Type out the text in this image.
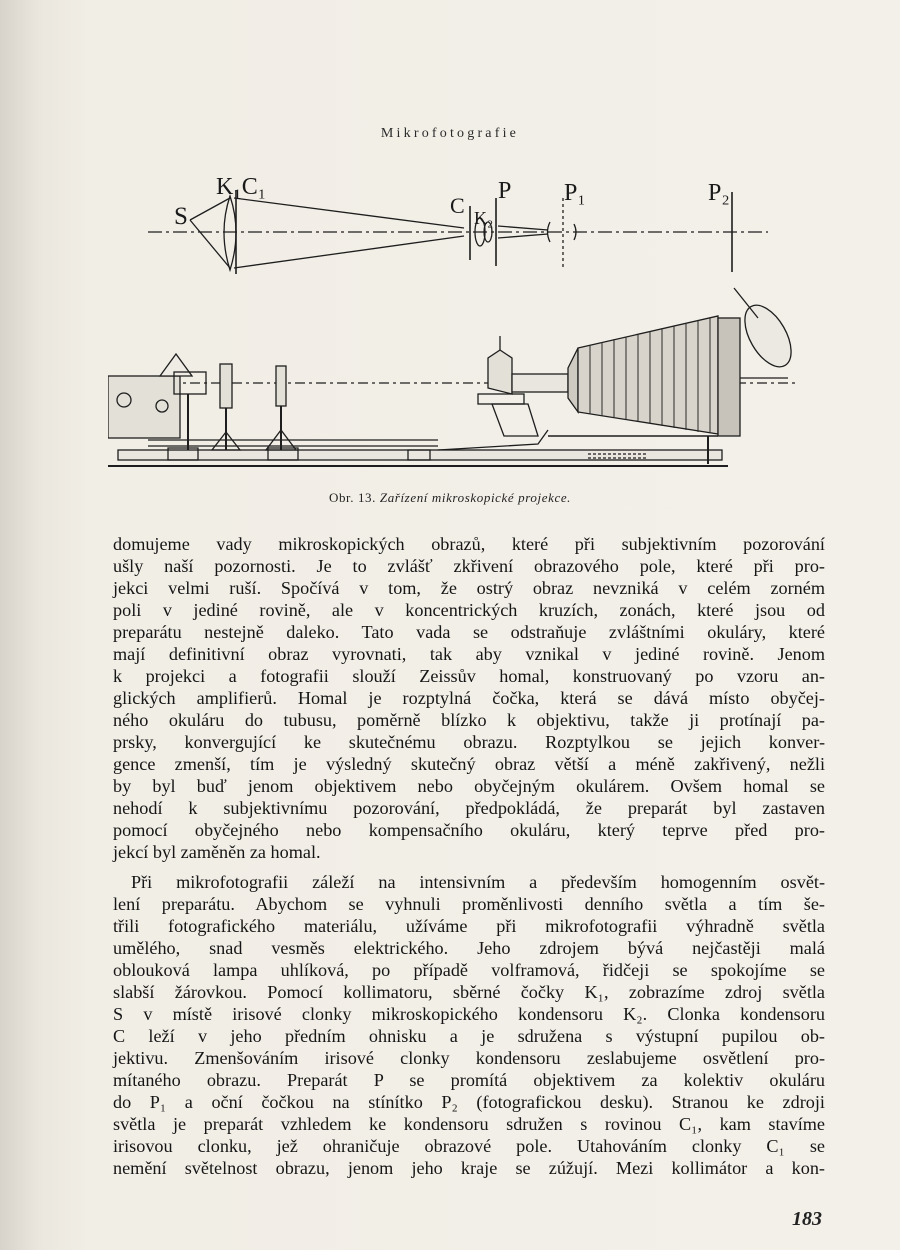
Mikrofotografie
S
K₁C₁
C K₂
P P₁	P₂
Obr. 13. Zařízení mikroskopické projekce.

domujeme vady mikroskopických obrazů, které při subjektivním pozorování
ušly naší pozornosti. Je to zvlášť zkřivení obrazového pole, které při pro-
jekci velmi ruší. Spočívá v tom, že ostrý obraz nevzniká v celém zorném
poli v jediné rovině, ale v koncentrických kruzích, zonách, které jsou od
preparátu nestejně daleko. Tato vada se odstraňuje zvláštními okuláry, které
mají definitivní obraz vyrovnati, tak aby vznikal v jediné rovině. Jenom
k projekci a fotografii slouží Zeissův homal, konstruovaný po vzoru an-
glických amplifierů. Homal je rozptylná čočka, která se dává místo obyčej-
ného okuláru do tubusu, poměrně blízko k objektivu, takže ji protínají pa-
prsky, konvergující ke skutečnému obrazu. Rozptylkou se jejich konver-
gence zmenší, tím je výsledný skutečný obraz větší a méně zakřivený, nežli
by byl buď jenom objektivem nebo obyčejným okulárem. Ovšem homal se
nehodí k subjektivnímu pozorování, předpokládá, že preparát byl zastaven
pomocí obyčejného nebo kompensačního okuláru, který teprve před pro-
jekcí byl zaměněn za homal.

Při mikrofotografii záleží na intensivním a především homogenním osvět-
lení preparátu. Abychom se vyhnuli proměnlivosti denního světla a tím še-
třili fotografického materiálu, užíváme při mikrofotografii výhradně světla
umělého, snad vesměs elektrického. Jeho zdrojem bývá nejčastěji malá
oblouková lampa uhlíková, po případě volframová, řidčeji se spokojíme se
slabší žárovkou. Pomocí kollimatoru, sběrné čočky K₁, zobrazíme zdroj světla
S v místě irisové clonky mikroskopického kondensoru K₂. Clonka kondensoru
C leží v jeho předním ohnisku a je sdružena s výstupní pupilou ob-
jektivu. Zmenšováním irisové clonky kondensoru zeslabujeme osvětlení pro-
mítaného obrazu. Preparát P se promítá objektivem za kolektiv okuláru
do P₁ a oční čočkou na stínítko P₂ (fotografickou desku). Stranou ke zdroji
světla je preparát vzhledem ke kondensoru sdružen s rovinou C₁, kam stavíme
irisovou clonku, jež ohraničuje obrazové pole. Utahováním clonky C₁ se
nemění světelnost obrazu, jenom jeho kraje se zúžují. Mezi kollimátor a kon-

183
